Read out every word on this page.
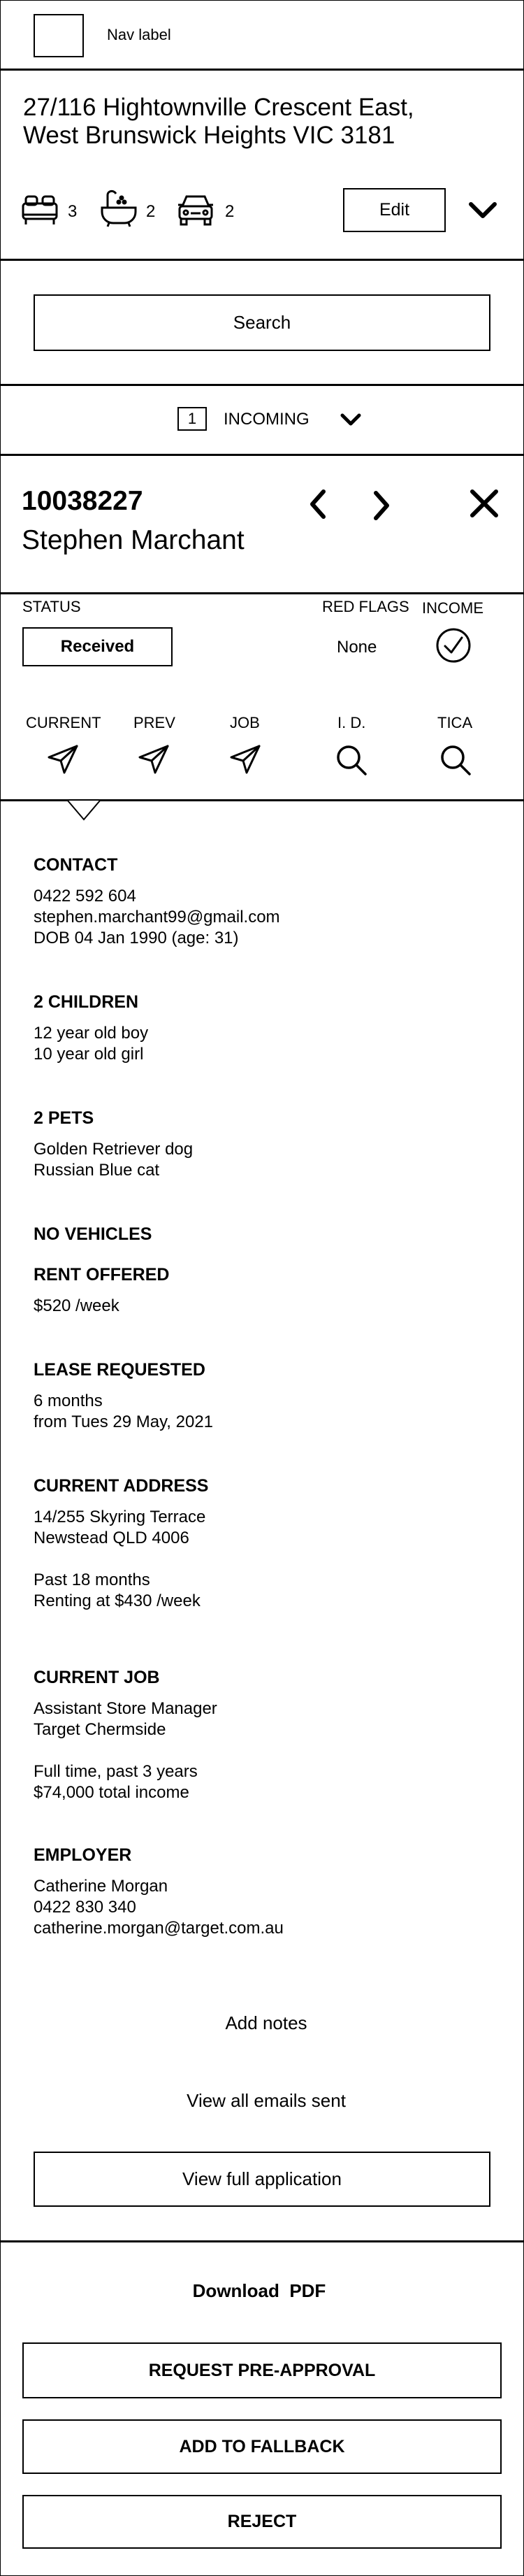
Nav label
27/116 Hightownville Crescent East,
West Brunswick Heights VIC 3181
3	2	2	Edit
Search
1 INCOMING
10038227
Stephen Marchant
STATUS
Received
RED FLAGS
None
INCOME
CURRENT PREV	JOB	I. D.	TICA
CONTACT
0422 592 604
stephen.marchant99@gmail.com
DOB 04 Jan 1990 (age: 31)
2 CHILDREN
12 year old boy
10 year old girl
2 PETS
Golden Retriever dog
Russian Blue cat
NO VEHICLES
RENT OFFERED
$520 /week
LEASE REQUESTED
6 months
from Tues 29 May, 2021
CURRENT ADDRESS
14/255 Skyring Terrace
Newstead QLD 4006
Past 18 months
Renting at $430 /week
CURRENT JOB
Assistant Store Manager
Target Chermside
Full time, past 3 years
$74,000 total income
EMPLOYER
Catherine Morgan
0422 830 340
catherine.morgan@target.com.au
Add notes
View all emails sent
View full application
Download  PDF
REQUEST PRE-APPROVAL
ADD TO FALLBACK
REJECT
